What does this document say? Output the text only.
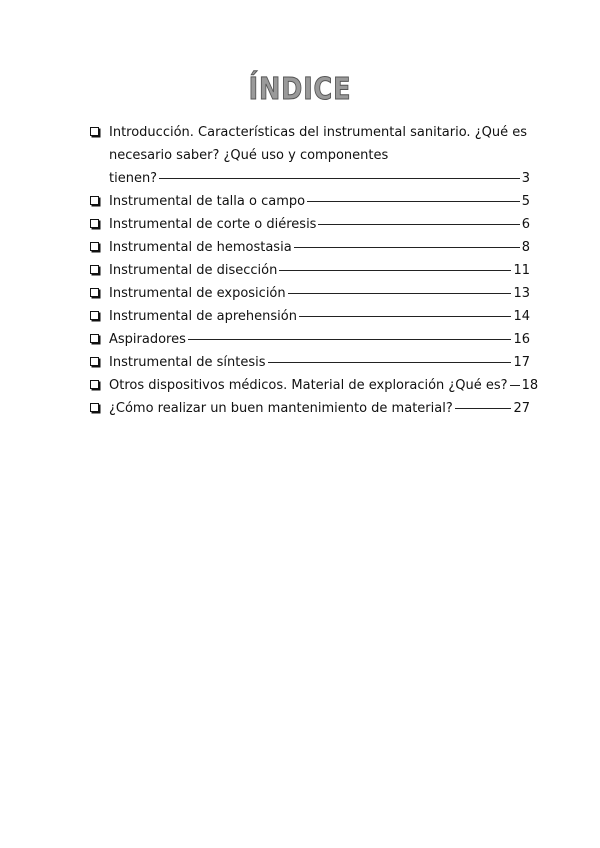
ÍNDICE
Introducción. Características del instrumental sanitario. ¿Qué es
necesario saber? ¿Qué uso y componentes
tienen?	3
Instrumental de talla o campo	5
Instrumental de corte o diéresis	6
Instrumental de hemostasia	8
Instrumental de disección	11
Instrumental de exposición	13
Instrumental de aprehensión	14
Aspiradores	16
Instrumental de síntesis	17
Otros dispositivos médicos. Material de exploración ¿Qué es? 18
¿Cómo realizar un buen mantenimiento de material?	27
